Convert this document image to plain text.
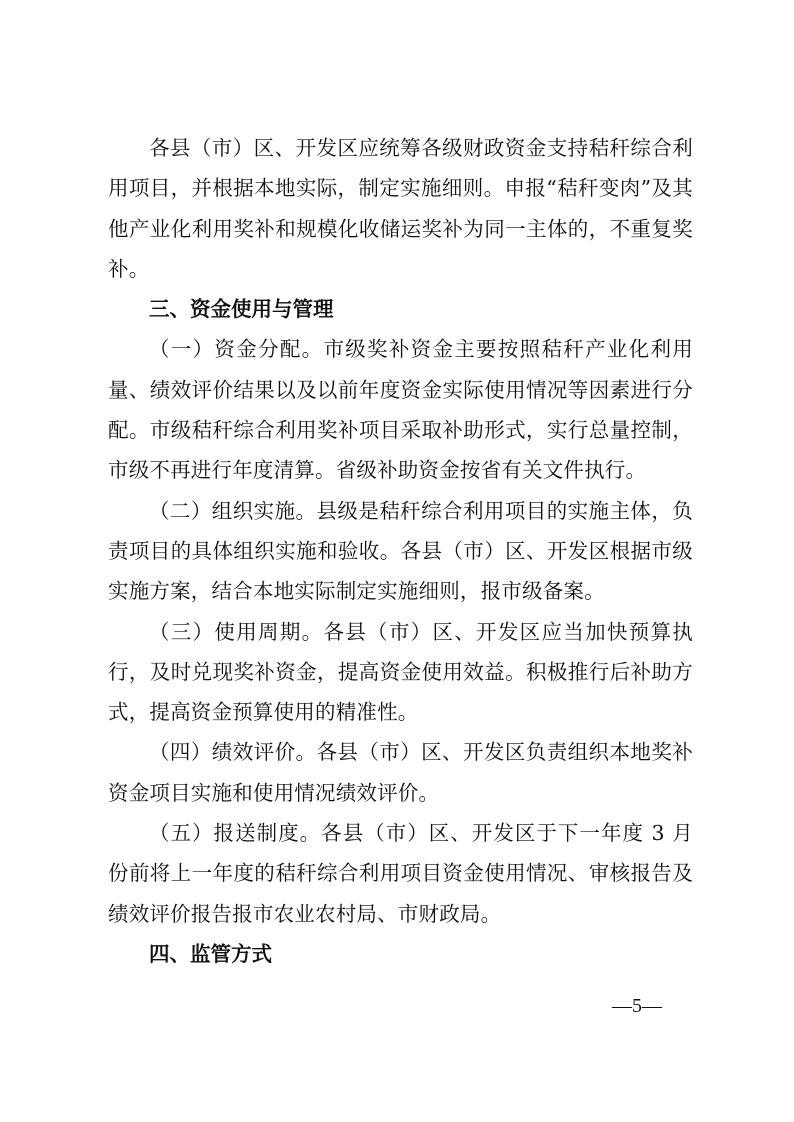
各县（市）区、开发区应统筹各级财政资金支持秸秆综合利用项目，并根据本地实际，制定实施细则。申报“秸秆变肉”及其他产业化利用奖补和规模化收储运奖补为同一主体的，不重复奖补。

三、资金使用与管理

（一）资金分配。市级奖补资金主要按照秸秆产业化利用量、绩效评价结果以及以前年度资金实际使用情况等因素进行分配。市级秸秆综合利用奖补项目采取补助形式，实行总量控制，市级不再进行年度清算。省级补助资金按省有关文件执行。

（二）组织实施。县级是秸秆综合利用项目的实施主体，负责项目的具体组织实施和验收。各县（市）区、开发区根据市级实施方案，结合本地实际制定实施细则，报市级备案。

（三）使用周期。各县（市）区、开发区应当加快预算执行，及时兑现奖补资金，提高资金使用效益。积极推行后补助方式，提高资金预算使用的精准性。

（四）绩效评价。各县（市）区、开发区负责组织本地奖补资金项目实施和使用情况绩效评价。

（五）报送制度。各县（市）区、开发区于下一年度 3 月份前将上一年度的秸秆综合利用项目资金使用情况、审核报告及绩效评价报告报市农业农村局、市财政局。

四、监管方式

—5—
